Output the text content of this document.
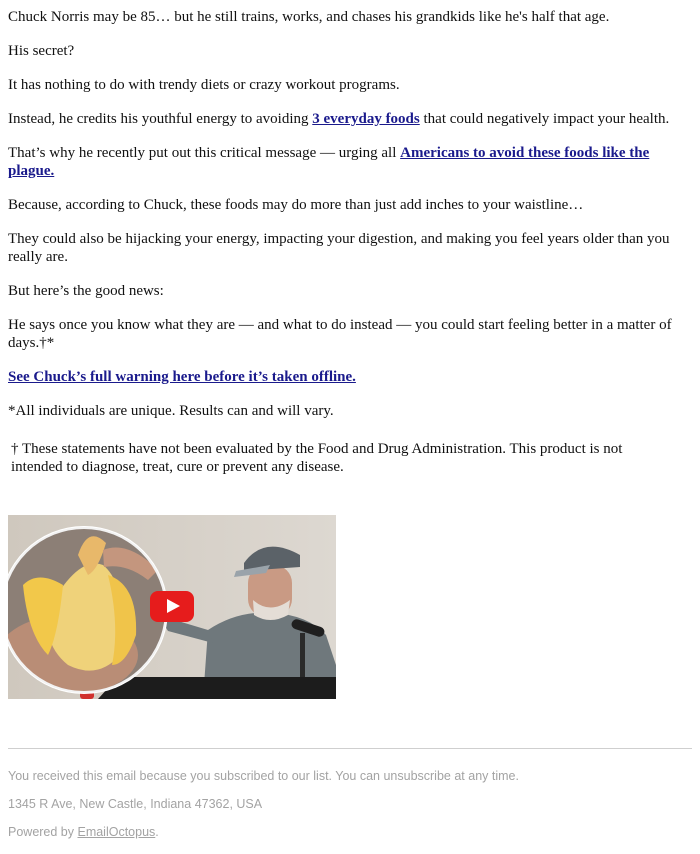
Chuck Norris may be 85… but he still trains, works, and chases his grandkids like he's half that age.

His secret?

It has nothing to do with trendy diets or crazy workout programs.

Instead, he credits his youthful energy to avoiding 3 everyday foods that could negatively impact your health.

That’s why he recently put out this critical message — urging all Americans to avoid these foods like the plague.

Because, according to Chuck, these foods may do more than just add inches to your waistline…

They could also be hijacking your energy, impacting your digestion, and making you feel years older than you really are.

But here’s the good news:

He says once you know what they are — and what to do instead — you could start feeling better in a matter of days.†*

See Chuck’s full warning here before it’s taken offline.

*All individuals are unique. Results can and will vary.

† These statements have not been evaluated by the Food and Drug Administration. This product is not intended to diagnose, treat, cure or prevent any disease.

You received this email because you subscribed to our list. You can unsubscribe at any time.

1345 R Ave, New Castle, Indiana 47362, USA

Powered by EmailOctopus.
